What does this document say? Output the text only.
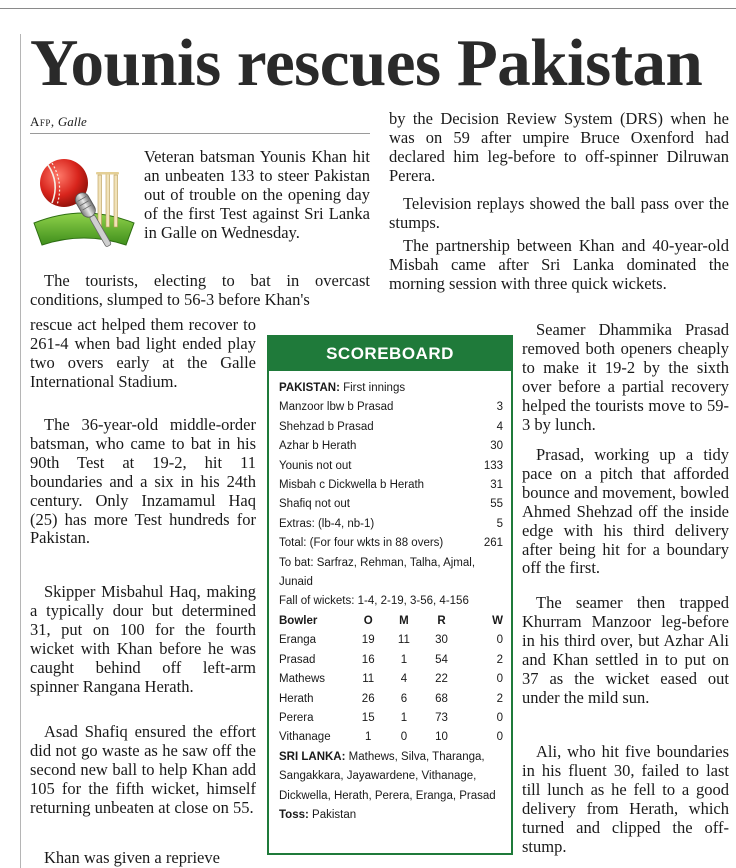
Younis rescues Pakistan
Afp, Galle

Veteran batsman Younis Khan hit an unbeaten 133 to steer Pakistan out of trouble on the opening day of the first Test against Sri Lanka in Galle on Wednesday.

The tourists, electing to bat in overcast conditions, slumped to 56-3 before Khan's

rescue act helped them recover to 261-4 when bad light ended play two overs early at the Galle International Stadium.

The 36-year-old middle-order batsman, who came to bat in his 90th Test at 19-2, hit 11 boundaries and a six in his 24th century. Only Inzamamul Haq (25) has more Test hundreds for Pakistan.

Skipper Misbahul Haq, making a typically dour but determined 31, put on 100 for the fourth wicket with Khan before he was caught behind off left-arm spinner Rangana Herath.

Asad Shafiq ensured the effort did not go waste as he saw off the second new ball to help Khan add 105 for the fifth wicket, himself returning unbeaten at close on 55.

Khan was given a reprieve

by the Decision Review System (DRS) when he was on 59 after umpire Bruce Oxenford had declared him leg-before to off-spinner Dilruwan Perera.

Television replays showed the ball pass over the stumps.

The partnership between Khan and 40-year-old Misbah came after Sri Lanka dominated the morning session with three quick wickets.

Seamer Dhammika Prasad removed both openers cheaply to make it 19-2 by the sixth over before a partial recovery helped the tourists move to 59-3 by lunch.

Prasad, working up a tidy pace on a pitch that afforded bounce and movement, bowled Ahmed Shehzad off the inside edge with his third delivery after being hit for a boundary off the first.

The seamer then trapped Khurram Manzoor leg-before in his third over, but Azhar Ali and Khan settled in to put on 37 as the wicket eased out under the mild sun.

Ali, who hit five boundaries in his fluent 30, failed to last till lunch as he fell to a good delivery from Herath, which turned and clipped the off-stump.

SCOREBOARD
PAKISTAN: First innings
Manzoor lbw b Prasad	3
Shehzad b Prasad	4
Azhar b Herath	30
Younis not out	133
Misbah c Dickwella b Herath	31
Shafiq not out	55
Extras: (lb-4, nb-1)	5
Total: (For four wkts in 88 overs)	261
To bat: Sarfraz, Rehman, Talha, Ajmal, Junaid
Fall of wickets: 1-4, 2-19, 3-56, 4-156
Bowler	O	M	R	W
Eranga	19	11	30	0
Prasad	16	1	54	2
Mathews	11	4	22	0
Herath	26	6	68	2
Perera	15	1	73	0
Vithanage	1	0	10	0
SRI LANKA: Mathews, Silva, Tharanga, Sangakkara, Jayawardene, Vithanage, Dickwella, Herath, Perera, Eranga, Prasad
Toss: Pakistan
